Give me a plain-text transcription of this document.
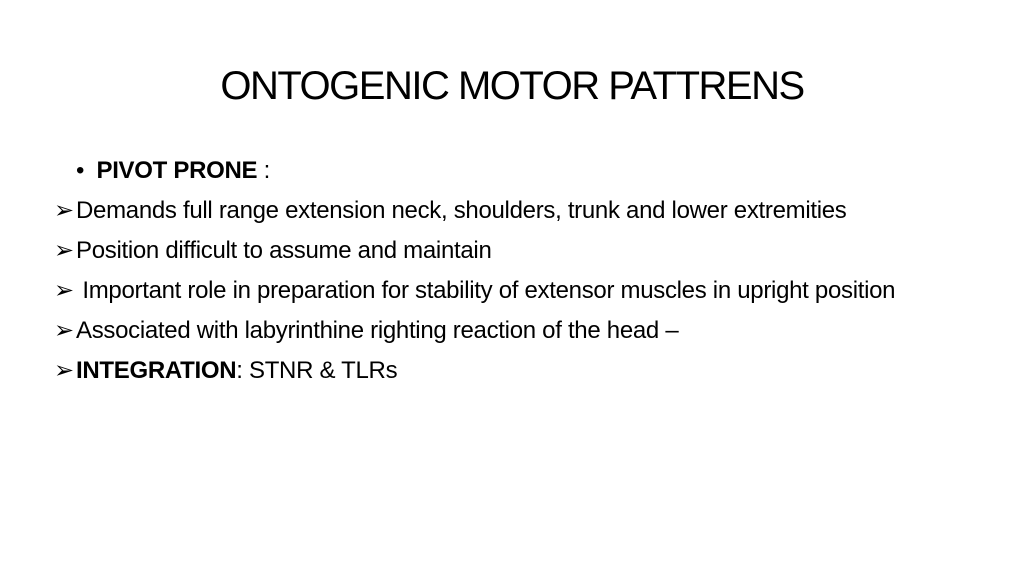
ONTOGENIC MOTOR PATTRENS
• PIVOT PRONE :
➢Demands full range extension neck, shoulders, trunk and lower extremities
➢Position difficult to assume and maintain
➢ Important role in preparation for stability of extensor muscles in upright position
➢Associated with labyrinthine righting reaction of the head –
➢INTEGRATION: STNR & TLRs
